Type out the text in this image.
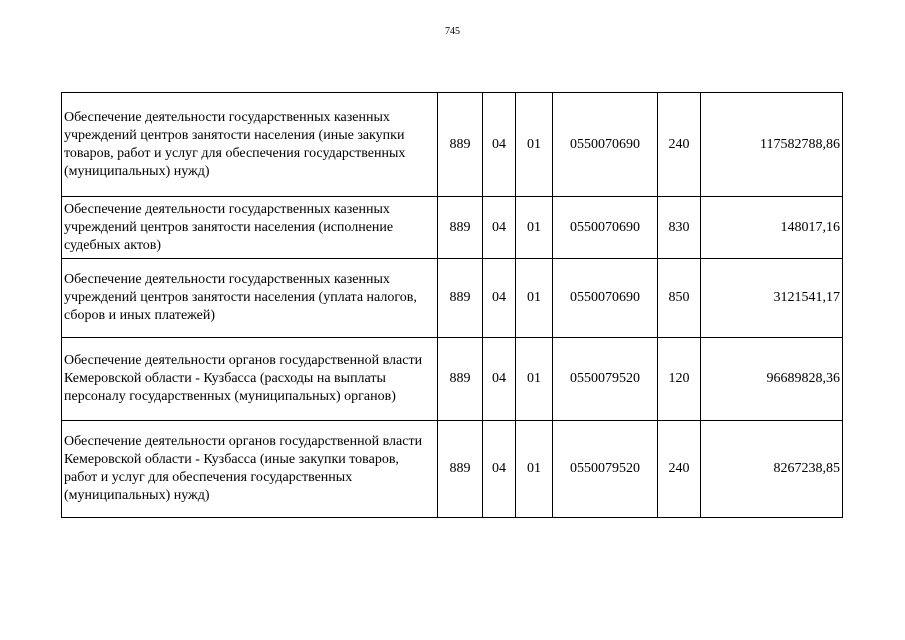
745
Обеспечение деятельности государственных казенных учреждений центров занятости населения (иные закупки товаров, работ и услуг для обеспечения государственных (муниципальных) нужд)	889	04	01	0550070690	240	117582788,86
Обеспечение деятельности государственных казенных учреждений центров занятости населения (исполнение судебных актов)	889	04	01	0550070690	830	148017,16
Обеспечение деятельности государственных казенных учреждений центров занятости населения (уплата налогов, сборов и иных платежей)	889	04	01	0550070690	850	3121541,17
Обеспечение деятельности органов государственной власти Кемеровской области - Кузбасса (расходы на выплаты персоналу государственных (муниципальных) органов)	889	04	01	0550079520	120	96689828,36
Обеспечение деятельности органов государственной власти Кемеровской области - Кузбасса (иные закупки товаров, работ и услуг для обеспечения государственных (муниципальных) нужд)	889	04	01	0550079520	240	8267238,85
